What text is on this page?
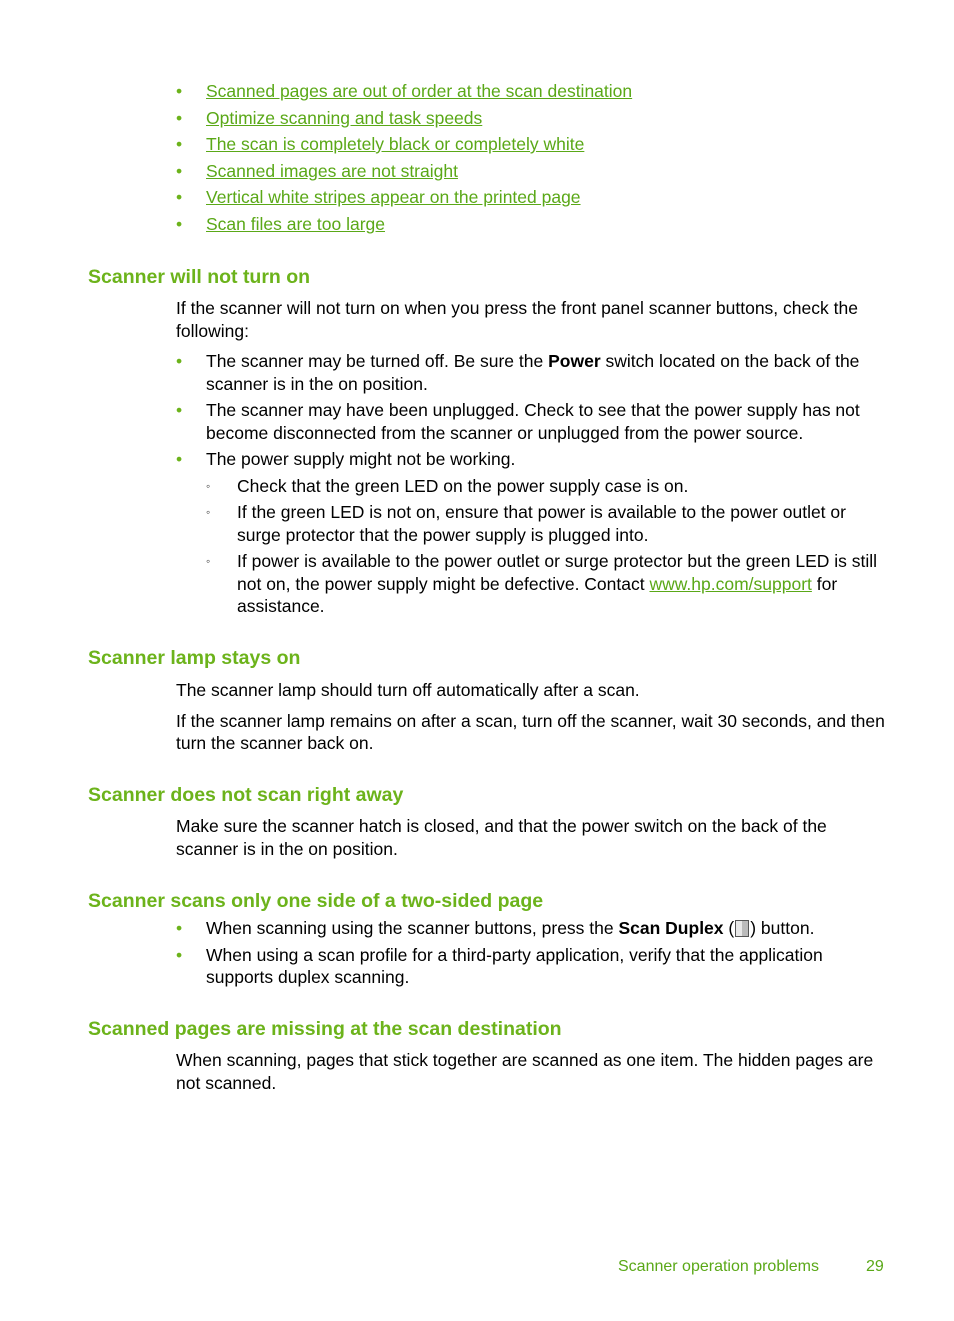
• Scanned pages are out of order at the scan destination
• Optimize scanning and task speeds
• The scan is completely black or completely white
• Scanned images are not straight
• Vertical white stripes appear on the printed page
• Scan files are too large
Scanner will not turn on

If the scanner will not turn on when you press the front panel scanner buttons, check the following:

• The scanner may be turned off. Be sure the Power switch located on the back of the scanner is in the on position.
• The scanner may have been unplugged. Check to see that the power supply has not become disconnected from the scanner or unplugged from the power source.
• The power supply might not be working.
◦ Check that the green LED on the power supply case is on.
◦ If the green LED is not on, ensure that power is available to the power outlet or surge protector that the power supply is plugged into.
◦ If power is available to the power outlet or surge protector but the green LED is still not on, the power supply might be defective. Contact www.hp.com/support for assistance.
Scanner lamp stays on

The scanner lamp should turn off automatically after a scan.

If the scanner lamp remains on after a scan, turn off the scanner, wait 30 seconds, and then turn the scanner back on.

Scanner does not scan right away

Make sure the scanner hatch is closed, and that the power switch on the back of the scanner is in the on position.

Scanner scans only one side of a two-sided page
• When scanning using the scanner buttons, press the Scan Duplex ( ) button.
• When using a scan profile for a third-party application, verify that the application supports duplex scanning.
Scanned pages are missing at the scan destination

When scanning, pages that stick together are scanned as one item. The hidden pages are not scanned.

Scanner operation problems	29
